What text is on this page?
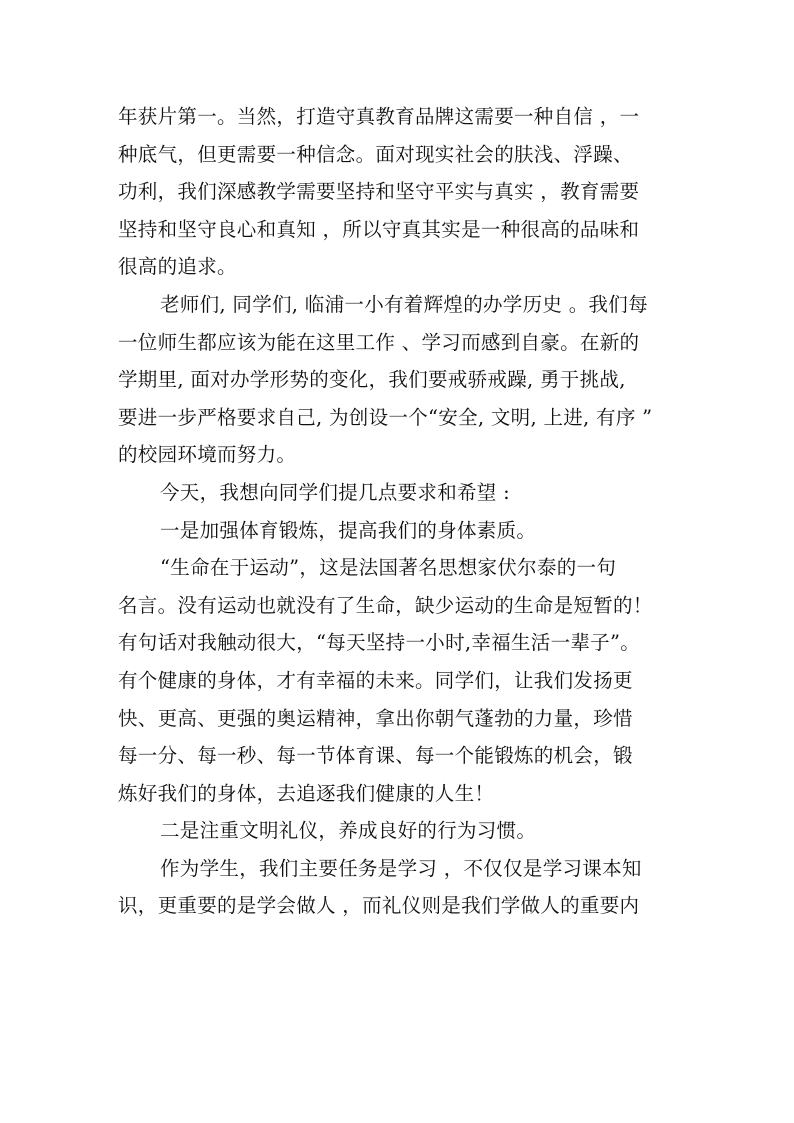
年获片第一。当然，打造守真教育品牌这需要一种自信 ，一
种底气，但更需要一种信念。面对现实社会的肤浅、浮躁、
功利，我们深感教学需要坚持和坚守平实与真实 ，教育需要
坚持和坚守良心和真知 ，所以守真其实是一种很高的品味和
很高的追求。
老师们, 同学们, 临浦一小有着辉煌的办学历史 。我们每
一位师生都应该为能在这里工作 、学习而感到自豪。在新的
学期里, 面对办学形势的变化，我们要戒骄戒躁, 勇于挑战,
要进一步严格要求自己, 为创设一个“安全, 文明, 上进, 有序 ”
的校园环境而努力。
今天，我想向同学们提几点要求和希望 :
一是加强体育锻炼，提高我们的身体素质。
“生命在于运动”，这是法国著名思想家伏尔泰的一句
名言。没有运动也就没有了生命，缺少运动的生命是短暂的！
有句话对我触动很大，“每天坚持一小时,幸福生活一辈子”。
有个健康的身体，才有幸福的未来。同学们，让我们发扬更
快、更高、更强的奥运精神，拿出你朝气蓬勃的力量，珍惜
每一分、每一秒、每一节体育课、每一个能锻炼的机会，锻
炼好我们的身体，去追逐我们健康的人生！
二是注重文明礼仪，养成良好的行为习惯。
作为学生，我们主要任务是学习 ，不仅仅是学习课本知
识，更重要的是学会做人 ，而礼仪则是我们学做人的重要内
